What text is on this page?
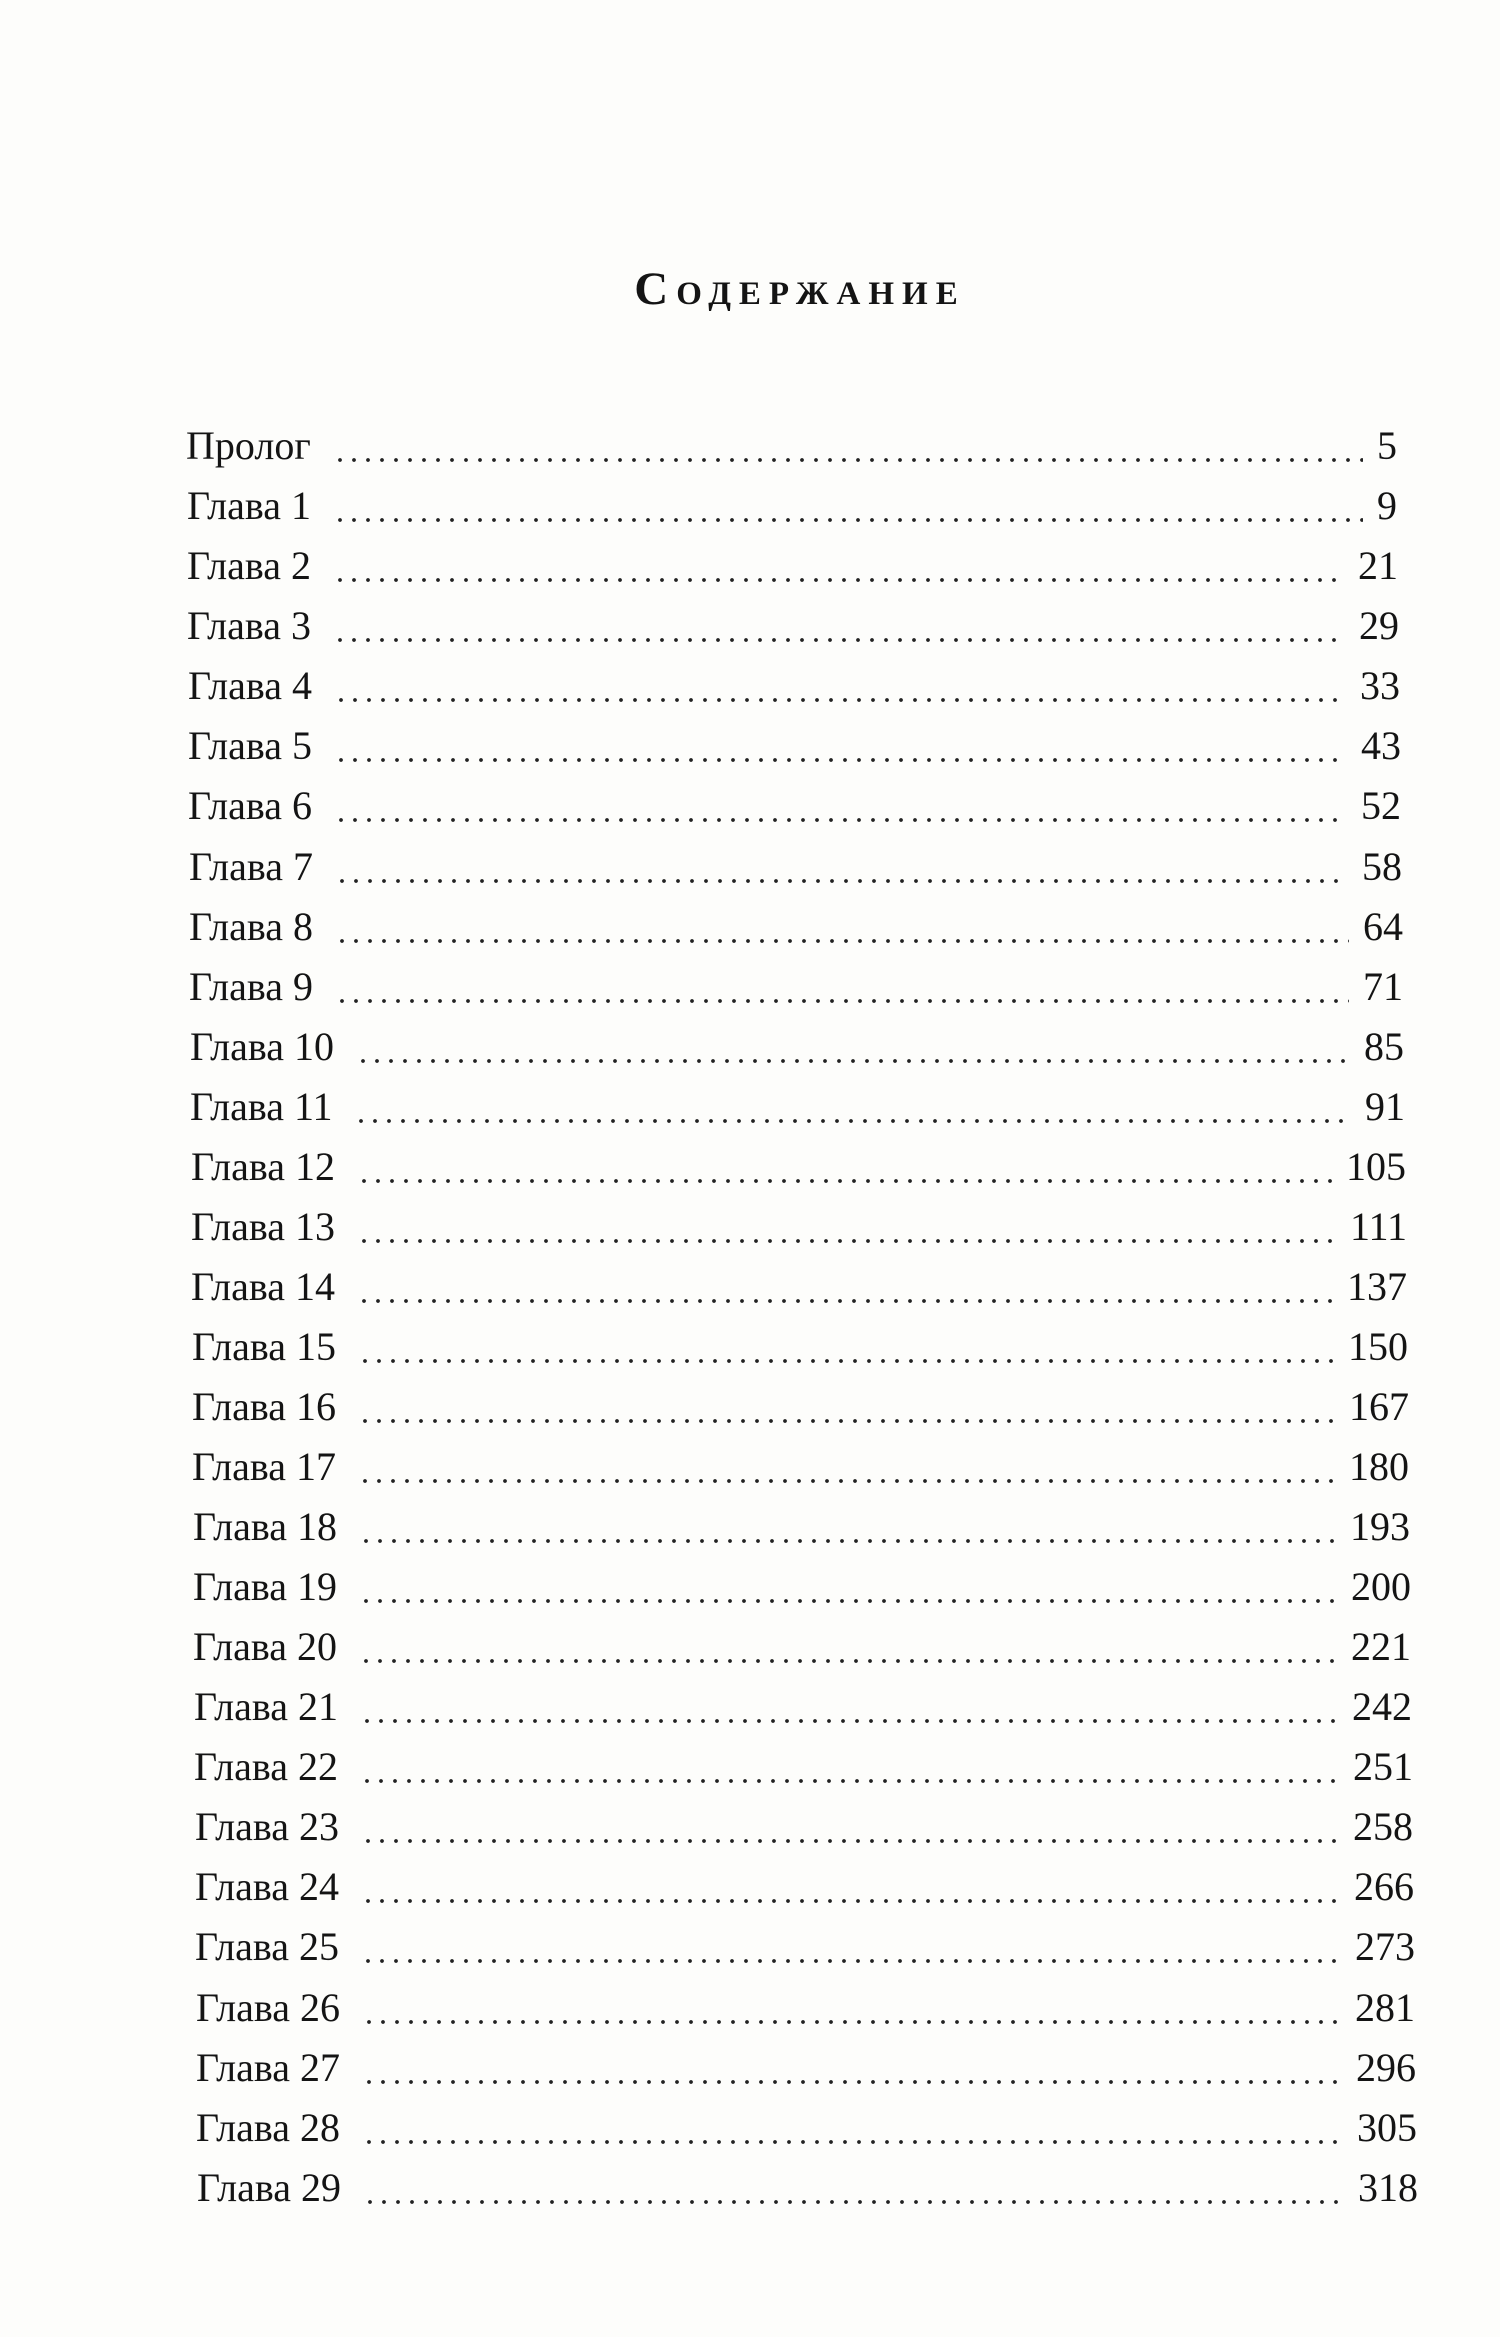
Содержание
Пролог	5
Глава 1	9
Глава 2	21
Глава 3	29
Глава 4	33
Глава 5	43
Глава 6	52
Глава 7	58
Глава 8	64
Глава 9	71
Глава 10	85
Глава 11	91
Глава 12	105
Глава 13	111
Глава 14	137
Глава 15	150
Глава 16	167
Глава 17	180
Глава 18	193
Глава 19	200
Глава 20	221
Глава 21	242
Глава 22	251
Глава 23	258
Глава 24	266
Глава 25	273
Глава 26	281
Глава 27	296
Глава 28	305
Глава 29	318
